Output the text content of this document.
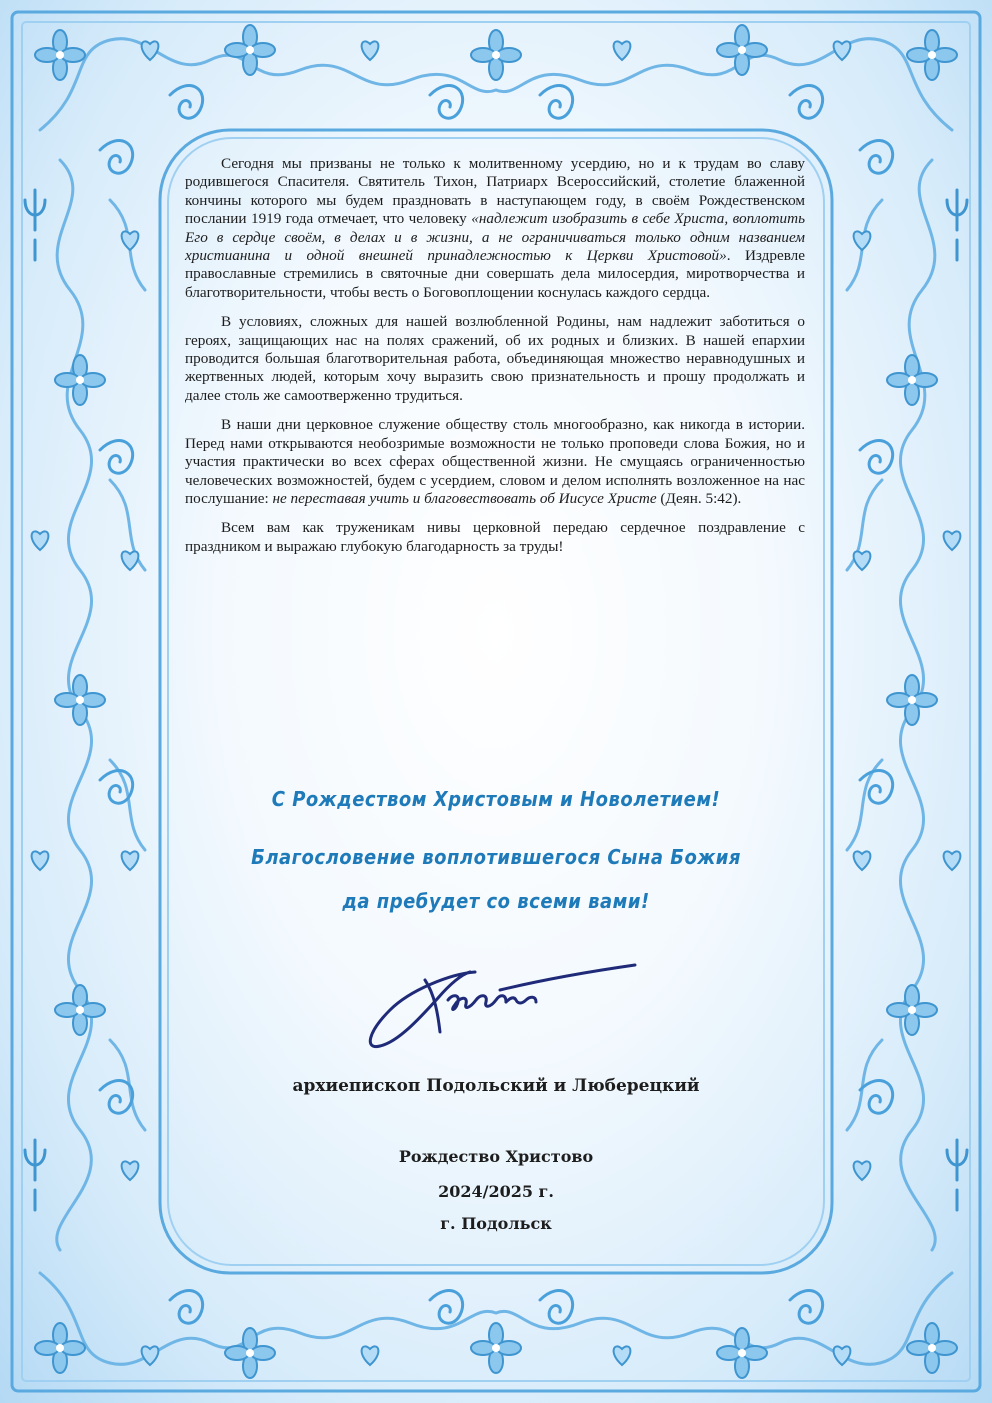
Сегодня мы призваны не только к молитвенному усердию, но и к трудам во славу родившегося Спасителя. Святитель Тихон, Патриарх Всероссийский, столетие блаженной кончины которого мы будем праздновать в наступающем году, в своём Рождественском послании 1919 года отмечает, что человеку «надлежит изобразить в себе Христа, воплотить Его в сердце своём, в делах и в жизни, а не ограничиваться только одним названием христианина и одной внешней принадлежностью к Церкви Христовой». Издревле православные стремились в святочные дни совершать дела милосердия, миротворчества и благотворительности, чтобы весть о Боговоплощении коснулась каждого сердца.

В условиях, сложных для нашей возлюбленной Родины, нам надлежит заботиться о героях, защищающих нас на полях сражений, об их родных и близких. В нашей епархии проводится большая благотворительная работа, объединяющая множество неравнодушных и жертвенных людей, которым хочу выразить свою признательность и прошу продолжать и далее столь же самоотверженно трудиться.

В наши дни церковное служение обществу столь многообразно, как никогда в истории. Перед нами открываются необозримые возможности не только проповеди слова Божия, но и участия практически во всех сферах общественной жизни. Не смущаясь ограниченностью человеческих возможностей, будем с усердием, словом и делом исполнять возложенное на нас послушание: не переставая учить и благовествовать об Иисусе Христе (Деян. 5:42).

Всем вам как труженикам нивы церковной передаю сердечное поздравление с праздником и выражаю глубокую благодарность за труды!

С Рождеством Христовым и Новолетием!
Благословение воплотившегося Сына Божия
да пребудет со всеми вами!
архиепископ Подольский и Люберецкий
Рождество Христово
2024/2025 г.
г. Подольск
